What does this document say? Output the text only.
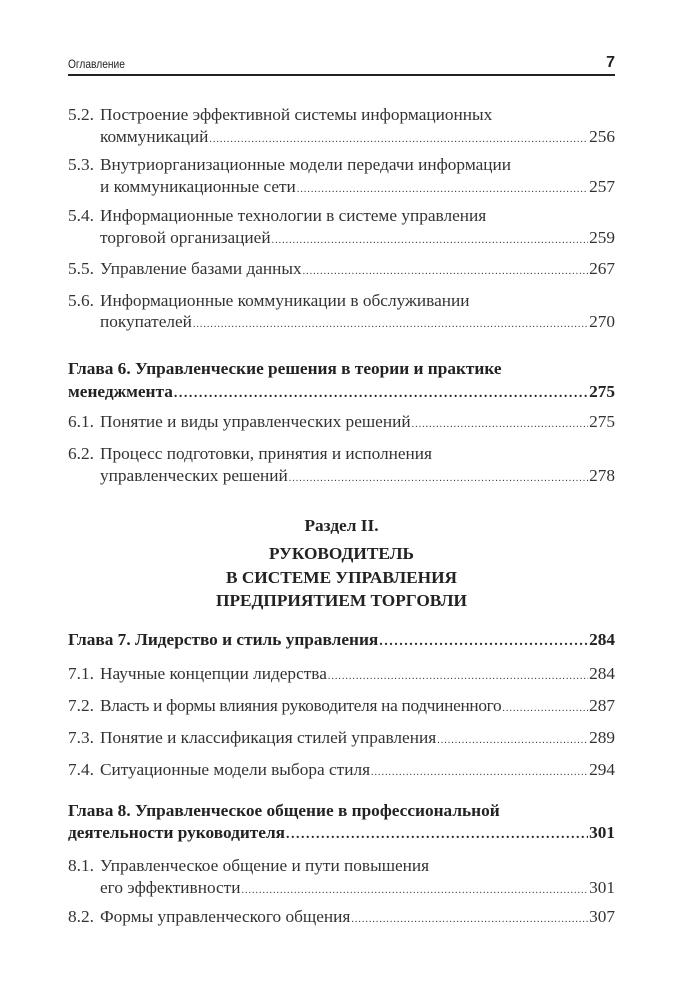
Оглавление	7
5.2. Построение эффективной системы информационных
коммуникаций .....	256
5.3. Внутриорганизационные модели передачи информации
и коммуникационные сети .....	257
5.4. Информационные технологии в системе управления
торговой организацией .....	259
5.5. Управление базами данных .....	267
5.6. Информационные коммуникации в обслуживании
покупателей .....	270
Глава 6. Управленческие решения в теории и практике
менеджмента .....	275
6.1. Понятие и виды управленческих решений .....	275
6.2. Процесс подготовки, принятия и исполнения
управленческих решений .....	278
Раздел II.
РУКОВОДИТЕЛЬ
В СИСТЕМЕ УПРАВЛЕНИЯ
ПРЕДПРИЯТИЕМ ТОРГОВЛИ
Глава 7. Лидерство и стиль управления .....	284
7.1. Научные концепции лидерства .....	284
7.2. Власть и формы влияния руководителя на подчиненного .....	287
7.3. Понятие и классификация стилей управления .....	289
7.4. Ситуационные модели выбора стиля .....	294
Глава 8. Управленческое общение в профессиональной
деятельности руководителя .....	301
8.1. Управленческое общение и пути повышения
его эффективности .....	301
8.2. Формы управленческого общения .....	307
